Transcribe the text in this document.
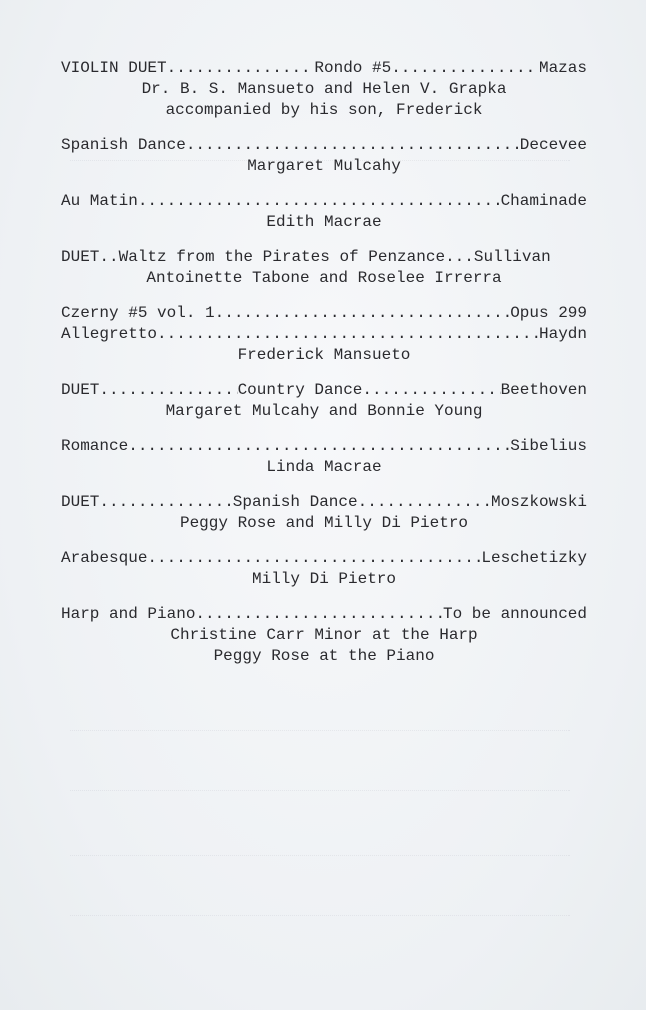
VIOLIN DUET .....	Rondo #5 .....	Mazas
Dr. B. S. Mansueto and Helen V. Grapka
accompanied by his son, Frederick
Spanish Dance .....	Decevee
Margaret Mulcahy
Au Matin .....	Chaminade
Edith Macrae
DUET..Waltz from the Pirates of Penzance... Sullivan
Antoinette Tabone and Roselee Irrerra
Czerny #5 vol. 1 .....	Opus 299
Allegretto .....	Haydn
Frederick Mansueto
DUET .....	Country Dance .....	Beethoven
Margaret Mulcahy and Bonnie Young
Romance .....	Sibelius
Linda Macrae
DUET .....	Spanish Dance .....	Moszkowski
Peggy Rose and Milly Di Pietro
Arabesque .....	Leschetizky
Milly Di Pietro
Harp and Piano .....	To be announced
Christine Carr Minor at the Harp
Peggy Rose at the Piano
